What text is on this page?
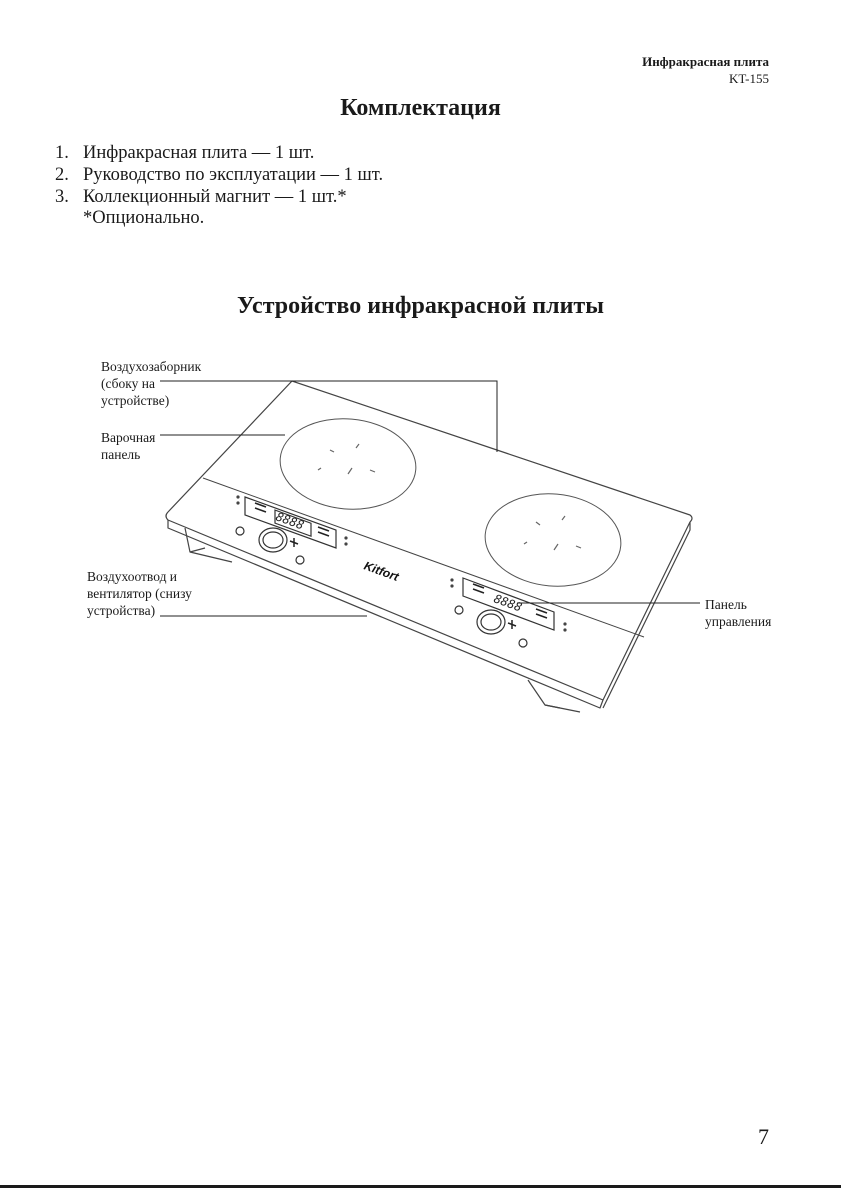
Инфракрасная плита
KT-155
Комплектация
1. Инфракрасная плита — 1 шт.
2. Руководство по эксплуатации — 1 шт.
3. Коллекционный магнит — 1 шт.*
*Опционально.
Устройство инфракрасной плиты
8888
8888
Kitfort
Воздухозаборник
(сбоку на
устройстве)
Варочная
панель
Воздухоотвод и
вентилятор (снизу
устройства)	Панель
управления
7
